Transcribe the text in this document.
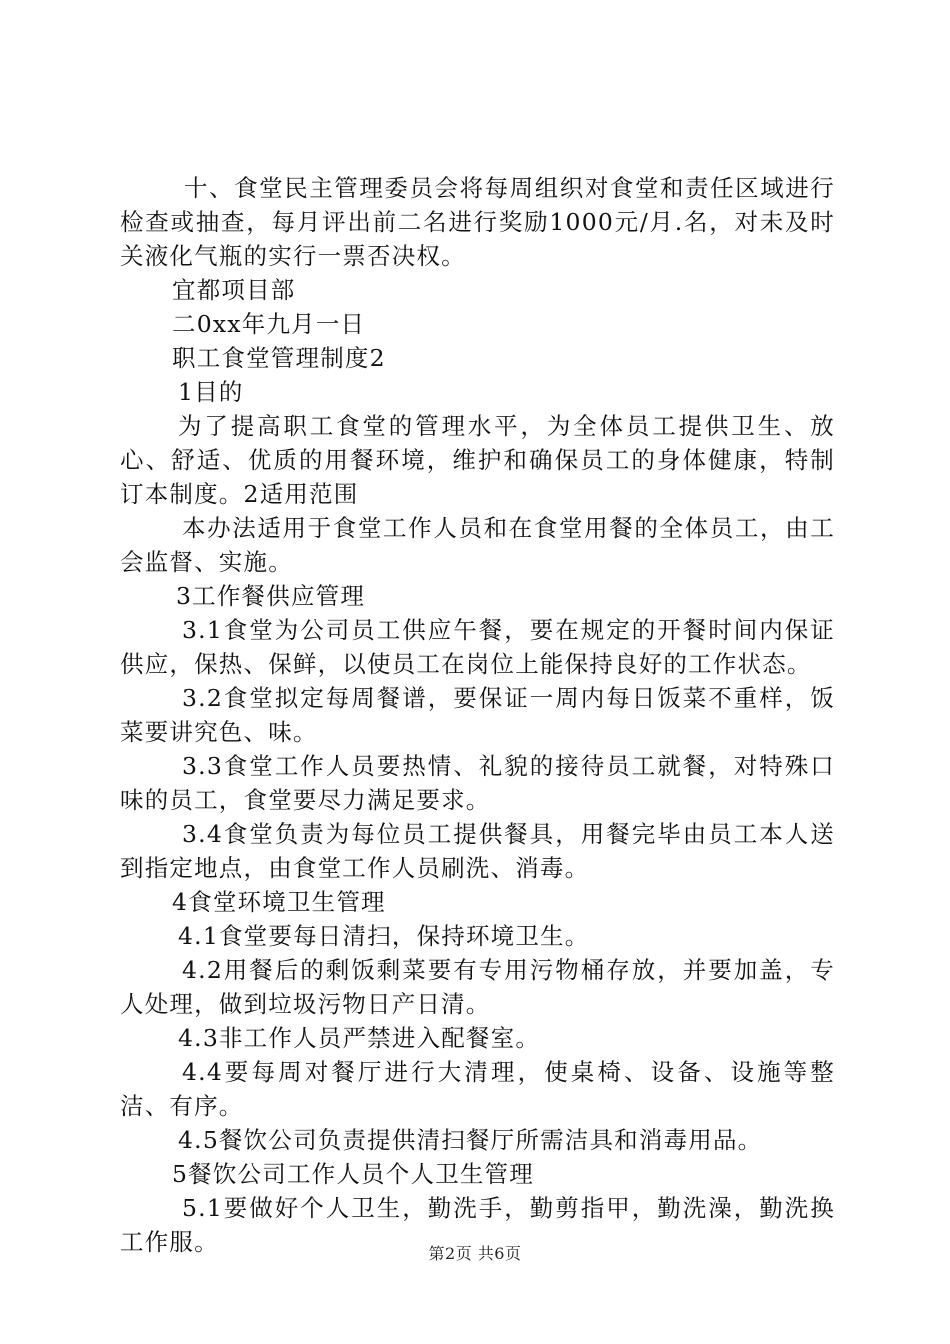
十、食堂民主管理委员会将每周组织对食堂和责任区域进行检查或抽查，每月评出前二名进行奖励1000元/月.名，对未及时关液化气瓶的实行一票否决权。

宜都项目部

二0xx年九月一日

职工食堂管理制度2

1目的

为了提高职工食堂的管理水平，为全体员工提供卫生、放心、舒适、优质的用餐环境，维护和确保员工的身体健康，特制订本制度。2适用范围

本办法适用于食堂工作人员和在食堂用餐的全体员工，由工会监督、实施。

3工作餐供应管理

3.1食堂为公司员工供应午餐，要在规定的开餐时间内保证供应，保热、保鲜，以使员工在岗位上能保持良好的工作状态。

3.2食堂拟定每周餐谱，要保证一周内每日饭菜不重样，饭菜要讲究色、味。

3.3食堂工作人员要热情、礼貌的接待员工就餐，对特殊口味的员工，食堂要尽力满足要求。

3.4食堂负责为每位员工提供餐具，用餐完毕由员工本人送到指定地点，由食堂工作人员刷洗、消毒。

4食堂环境卫生管理

4.1食堂要每日清扫，保持环境卫生。

4.2用餐后的剩饭剩菜要有专用污物桶存放，并要加盖，专人处理，做到垃圾污物日产日清。

4.3非工作人员严禁进入配餐室。

4.4要每周对餐厅进行大清理，使桌椅、设备、设施等整洁、有序。

4.5餐饮公司负责提供清扫餐厅所需洁具和消毒用品。

5餐饮公司工作人员个人卫生管理

5.1要做好个人卫生，勤洗手，勤剪指甲，勤洗澡，勤洗换工作服。	第2页 共6页
